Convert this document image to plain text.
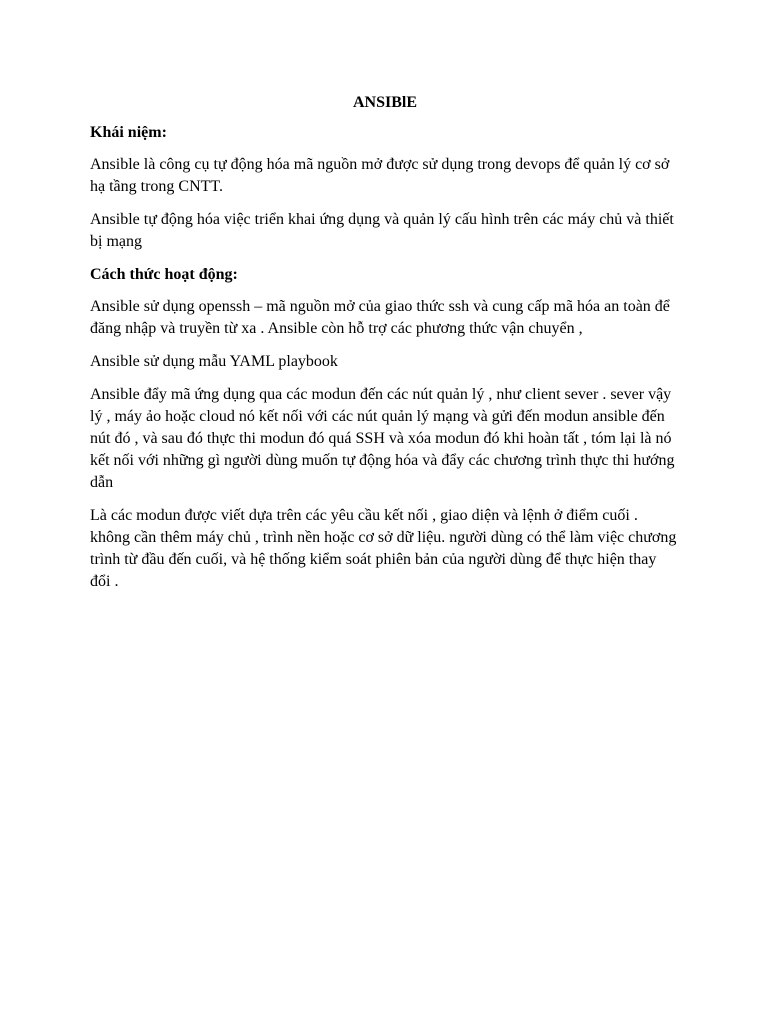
ANSIBlE
Khái niệm:

Ansible là công cụ tự động hóa mã nguồn mở được sử dụng trong devops để quản lý cơ sở hạ tầng trong CNTT.

Ansible tự động hóa việc triển khai ứng dụng và quản lý cấu hình trên các máy chủ và thiết bị mạng

Cách thức hoạt động:

Ansible sử dụng openssh – mã nguồn mở của giao thức ssh và cung cấp mã hóa an toàn để đăng nhập và truyền từ xa . Ansible còn hỗ trợ các phương thức vận chuyển ,

Ansible sử dụng mẫu YAML playbook

Ansible đẩy mã ứng dụng qua các modun đến các nút quản lý , như client sever . sever vậy lý , máy ảo hoặc cloud nó kết nối với các nút quản lý mạng và gửi đến modun ansible đến nút đó , và sau đó thực thi modun đó quá SSH và xóa modun đó khi hoàn tất , tóm lại là nó kết nối với những gì người dùng muốn tự động hóa và đẩy các chương trình thực thi hướng dẫn

Là các modun được viết dựa trên các yêu cầu kết nối , giao diện và lệnh ở điểm cuối . không cần thêm máy chủ , trình nền hoặc cơ sở dữ liệu. người dùng có thể làm việc chương trình từ đầu đến cuối, và hệ thống kiểm soát phiên bản của người dùng để thực hiện thay đổi .
